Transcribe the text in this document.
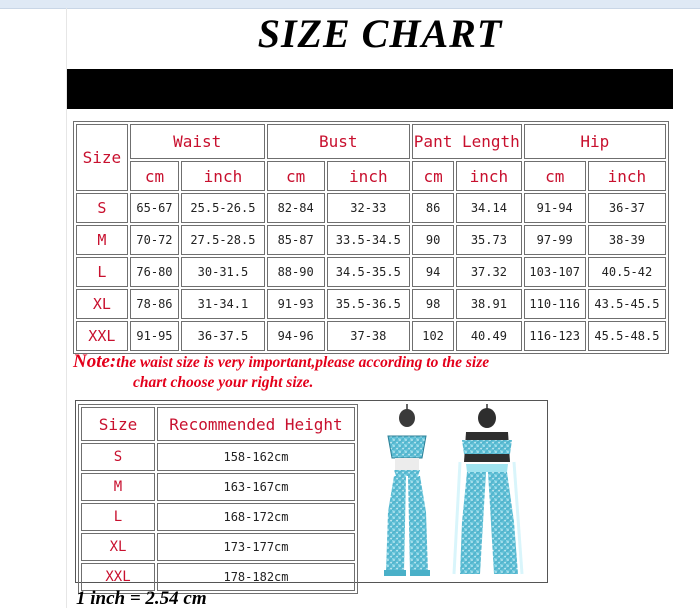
SIZE CHART
Size	Waist		Bust		Pant Length		Hip	
	cm	inch	cm	inch	cm	inch	cm	inch
S	65-67	25.5-26.5	82-84	32-33	86	34.14	91-94	36-37
M	70-72	27.5-28.5	85-87	33.5-34.5	90	35.73	97-99	38-39
L	76-80	30-31.5	88-90	34.5-35.5	94	37.32	103-107	40.5-42
XL	78-86	31-34.1	91-93	35.5-36.5	98	38.91	110-116	43.5-45.5
XXL	91-95	36-37.5	94-96	37-38	102	40.49	116-123	45.5-48.5
Note:the waist size is very important,please according to the size
chart choose your right size.
Size	Recommended Height
S	158-162cm
M	163-167cm
L	168-172cm
XL	173-177cm
XXL	178-182cm
1 inch = 2.54 cm
